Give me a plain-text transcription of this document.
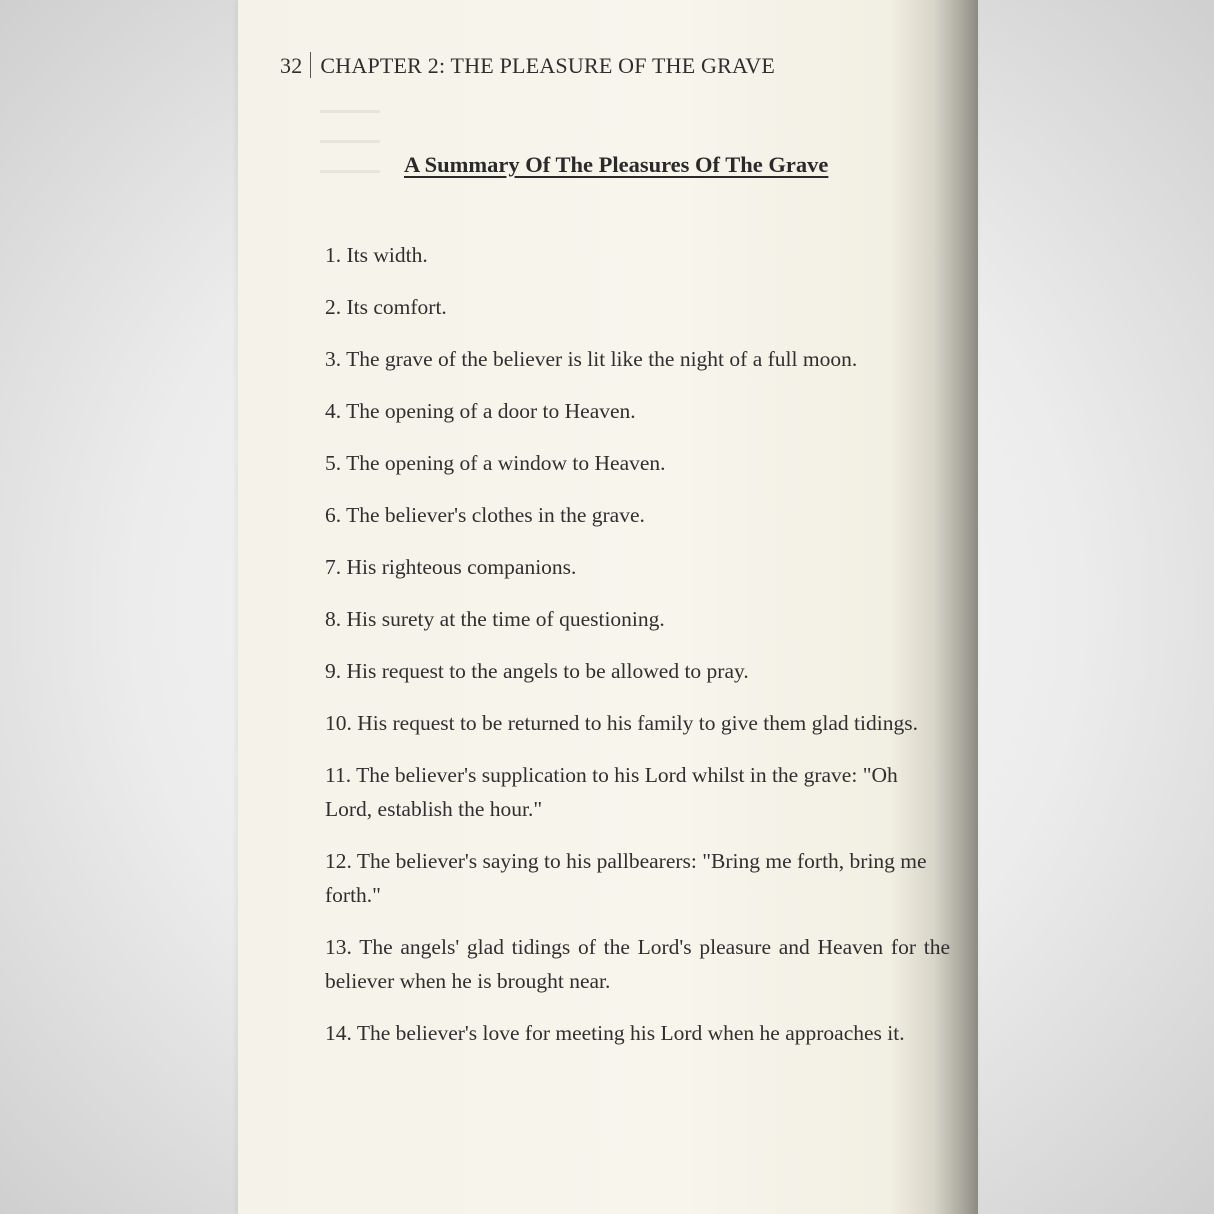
32 CHAPTER 2: THE PLEASURE OF THE GRAVE
A Summary Of The Pleasures Of The Grave
1. Its width.
2. Its comfort.
3. The grave of the believer is lit like the night of a full moon.
4. The opening of a door to Heaven.
5. The opening of a window to Heaven.
6. The believer's clothes in the grave.
7. His righteous companions.
8. His surety at the time of questioning.
9. His request to the angels to be allowed to pray.
10. His request to be returned to his family to give them glad tidings.
11. The believer's supplication to his Lord whilst in the grave: "Oh Lord, establish the hour."
12. The believer's saying to his pallbearers: "Bring me forth, bring me forth."
13. The angels' glad tidings of the Lord's pleasure and Heaven for the believer when he is brought near.
14. The believer's love for meeting his Lord when he approaches it.
